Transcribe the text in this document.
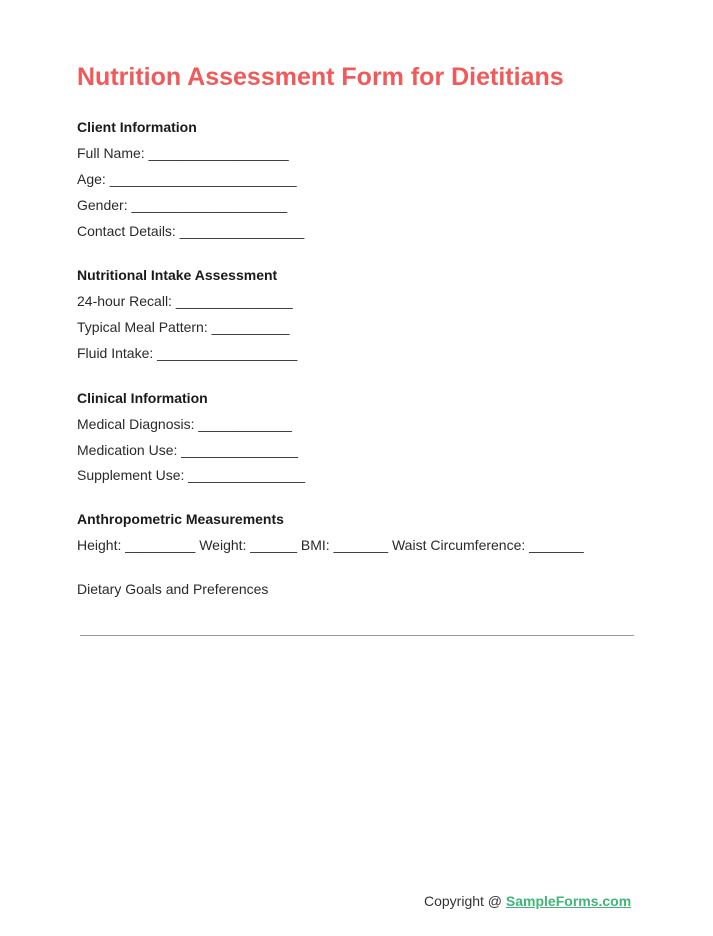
Nutrition Assessment Form for Dietitians
Client Information
Full Name: __________________
Age: ________________________
Gender: ____________________
Contact Details: ________________
Nutritional Intake Assessment
24-hour Recall: _______________
Typical Meal Pattern: __________
Fluid Intake: __________________
Clinical Information
Medical Diagnosis: ____________
Medication Use: _______________
Supplement Use: _______________
Anthropometric Measurements
Height: _________ Weight: ______ BMI: _______ Waist Circumference: _______
Dietary Goals and Preferences
Copyright @ SampleForms.com
